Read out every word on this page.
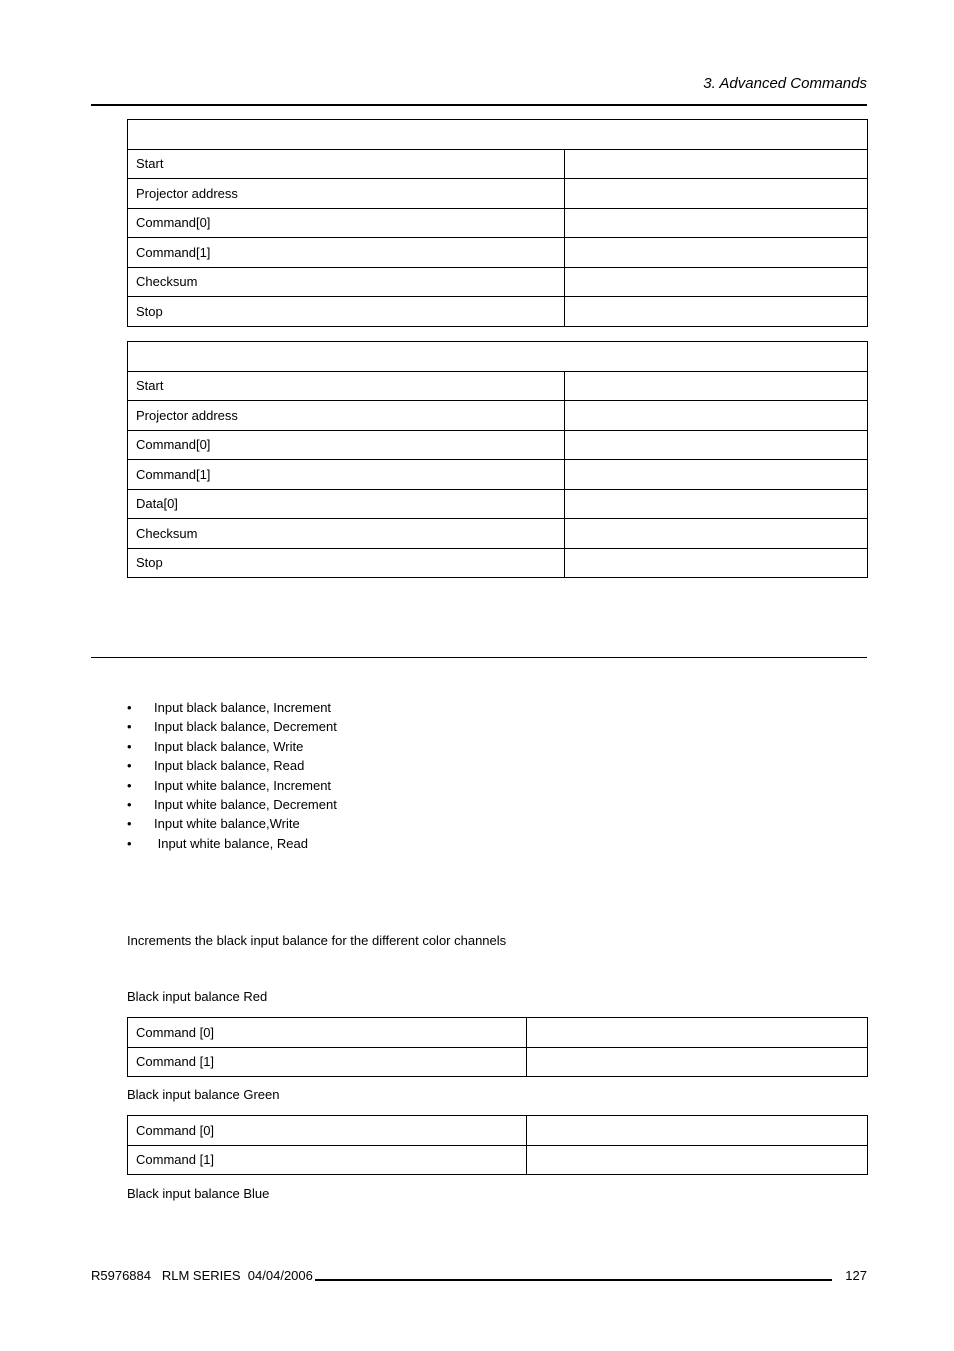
3. Advanced Commands

Start	
Projector address	
Command[0]	
Command[1]	
Checksum	
Stop	

Start	
Projector address	
Command[0]	
Command[1]	
Data[0]	
Checksum	
Stop	
• Input black balance, Increment
• Input black balance, Decrement
• Input black balance, Write
• Input black balance, Read
• Input white balance, Increment
• Input white balance, Decrement
• Input white balance,Write
• Input white balance, Read
Increments the black input balance for the different color channels
Black input balance Red
Command [0]	
Command [1]	
Black input balance Green
Command [0]	
Command [1]	
Black input balance Blue
R5976884   RLM SERIES  04/04/2006	127
